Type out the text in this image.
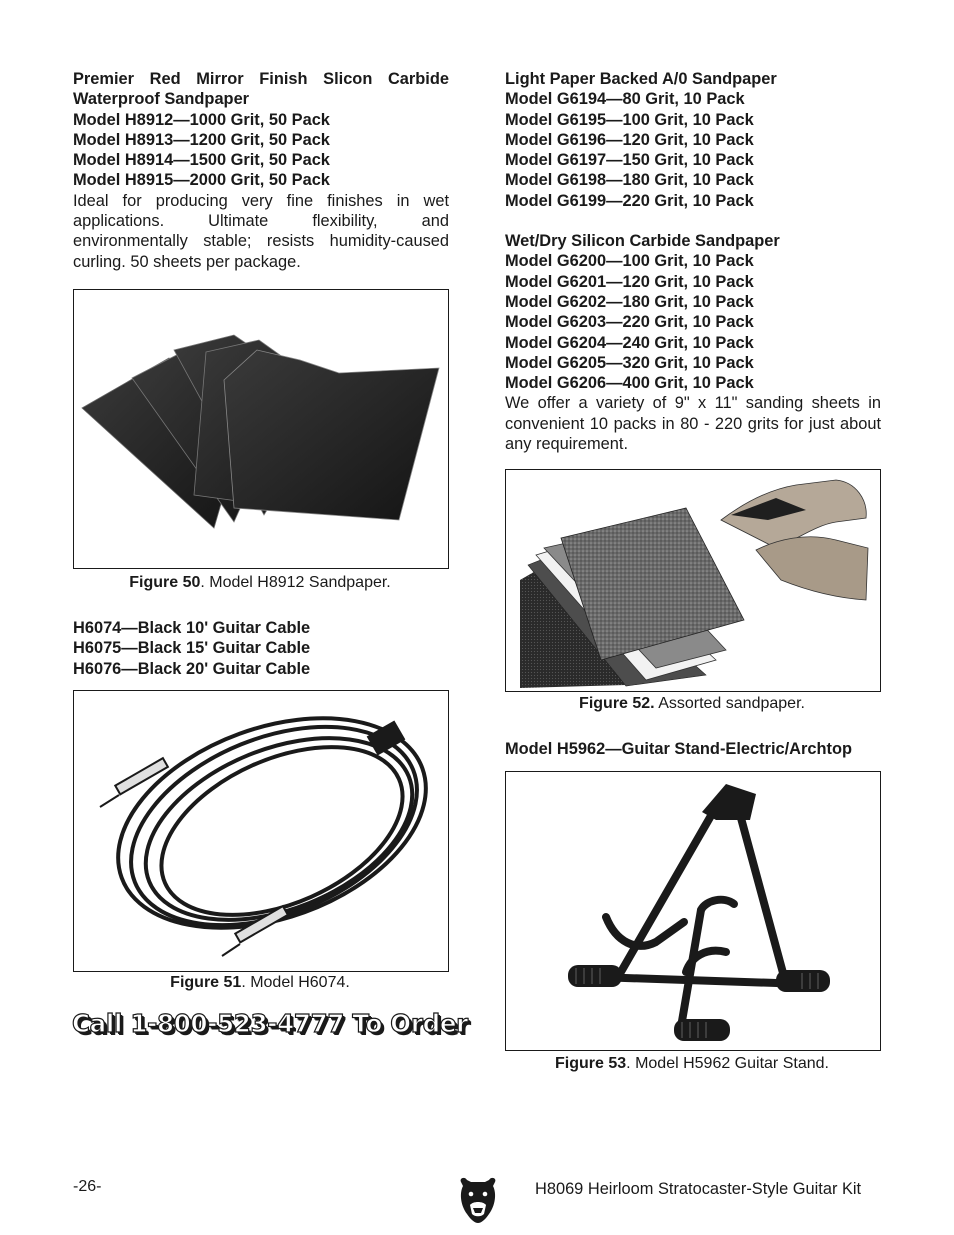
Premier Red Mirror Finish Slicon Carbide
Waterproof Sandpaper
Model H8912—1000 Grit, 50 Pack
Model H8913—1200 Grit, 50 Pack
Model H8914—1500 Grit, 50 Pack
Model H8915—2000 Grit, 50 Pack

Ideal for producing very fine finishes in wet applications. Ultimate flexibility, and environmentally stable; resists humidity-caused curling. 50 sheets per package.

Figure 50. Model H8912 Sandpaper.
H6074—Black 10' Guitar Cable
H6075—Black 15' Guitar Cable
H6076—Black 20' Guitar Cable
Figure 51. Model H6074.
Call 1-800-523-4777 To Order
Light Paper Backed A/0 Sandpaper
Model G6194—80 Grit, 10 Pack
Model G6195—100 Grit, 10 Pack
Model G6196—120 Grit, 10 Pack
Model G6197—150 Grit, 10 Pack
Model G6198—180 Grit, 10 Pack
Model G6199—220 Grit, 10 Pack
Wet/Dry Silicon Carbide Sandpaper
Model G6200—100 Grit, 10 Pack
Model G6201—120 Grit, 10 Pack
Model G6202—180 Grit, 10 Pack
Model G6203—220 Grit, 10 Pack
Model G6204—240 Grit, 10 Pack
Model G6205—320 Grit, 10 Pack
Model G6206—400 Grit, 10 Pack

We offer a variety of 9" x 11" sanding sheets in convenient 10 packs in 80 - 220 grits for just about any requirement.

Figure 52. Assorted sandpaper.
Model H5962—Guitar Stand-Electric/Archtop
Figure 53. Model H5962 Guitar Stand.
-26-	H8069 Heirloom Stratocaster-Style Guitar Kit
